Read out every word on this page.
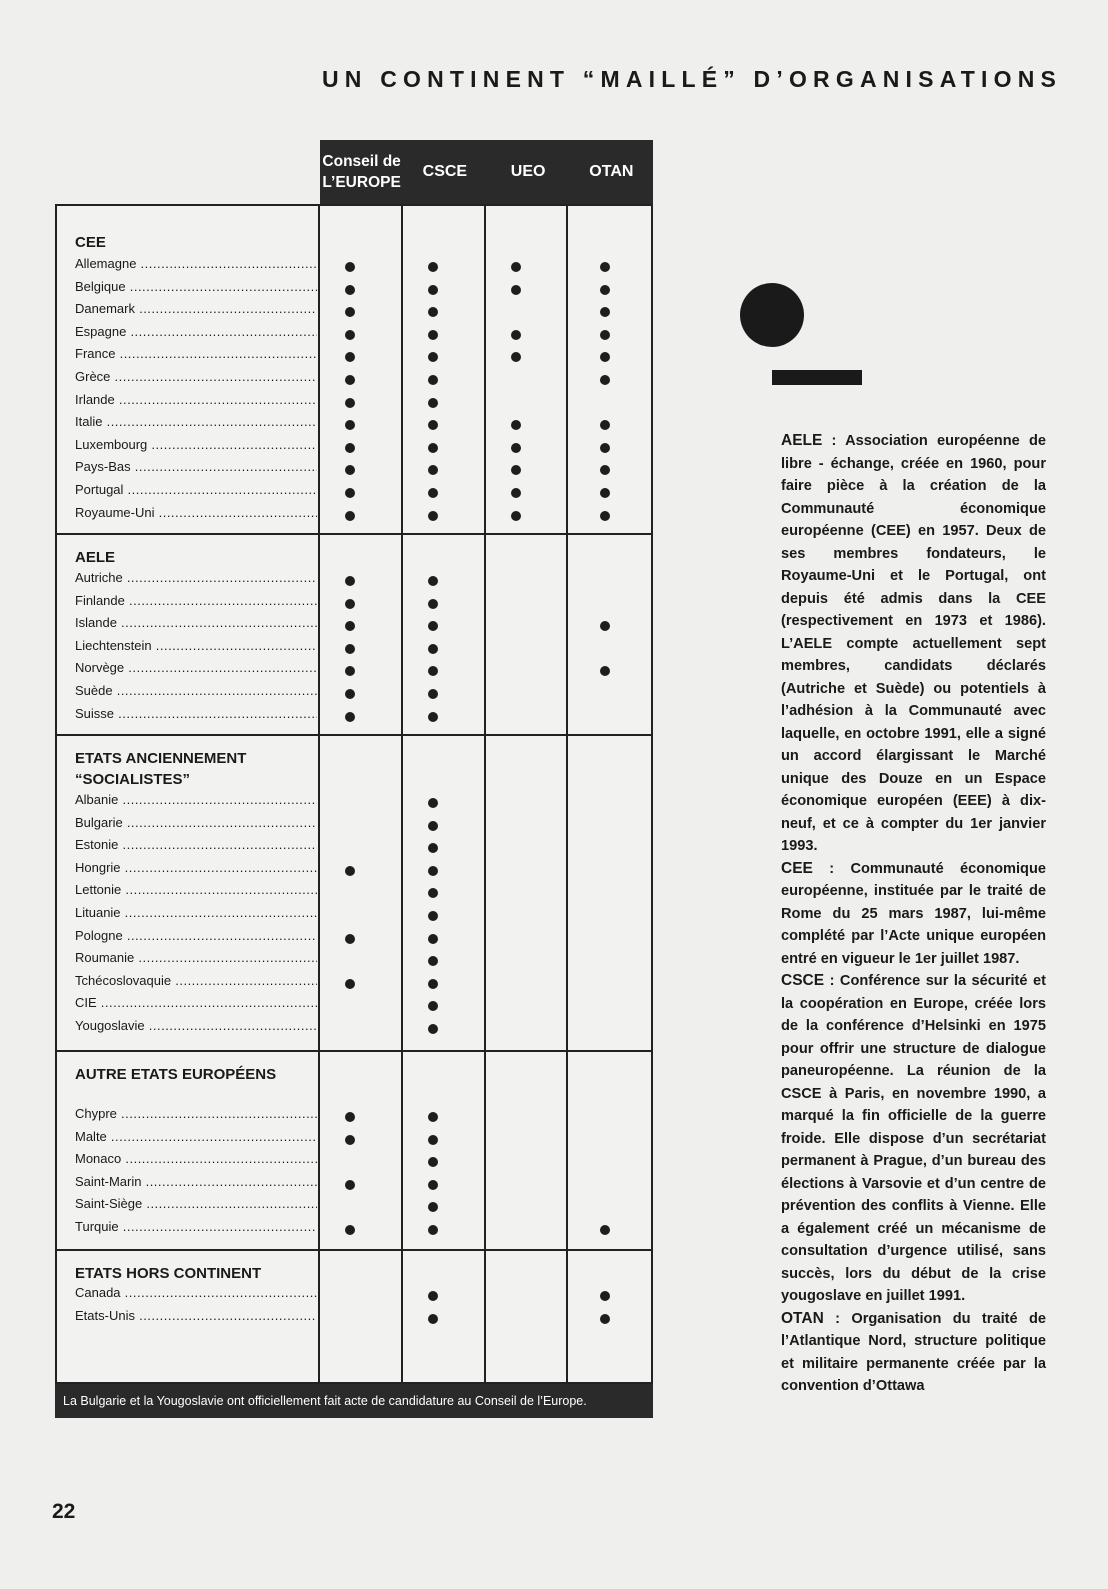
UN CONTINENT “MAILLÉ” D’ORGANISATIONS
Conseil de
L’EUROPE
CSCE	UEO	OTAN
CEE
Allemagne .....
Belgique .....
Danemark .....
Espagne .....
France .....
Grèce .....
Irlande .....
Italie .....
Luxembourg .....
Pays-Bas .....
Portugal .....
Royaume-Uni .....
AELE
Autriche .....
Finlande .....
Islande .....
Liechtenstein .....
Norvège .....
Suède .....
Suisse .....
ETATS ANCIENNEMENT “SOCIALISTES”
Albanie .....
Bulgarie .....
Estonie .....
Hongrie .....
Lettonie .....
Lituanie .....
Pologne .....
Roumanie .....
Tchécoslovaquie .....
CIE .....
Yougoslavie .....
AUTRE ETATS EUROPÉENS
Chypre .....
Malte .....
Monaco .....
Saint-Marin .....
Saint-Siège .....
Turquie .....
ETATS HORS CONTINENT
Canada .....
Etats-Unis .....
La Bulgarie et la Yougoslavie ont officiellement fait acte de candidature au Conseil de l’Europe.

AELE : Association européenne de libre - échange, créée en 1960, pour faire pièce à la création de la Communauté économique européenne (CEE) en 1957. Deux de ses membres fondateurs, le Royaume-Uni et le Portugal, ont depuis été admis dans la CEE (respectivement en 1973 et 1986). L’AELE compte actuellement sept membres, candidats déclarés (Autriche et Suède) ou potentiels à l’adhésion à la Communauté avec laquelle, en octobre 1991, elle a signé un accord élargissant le Marché unique des Douze en un Espace économique européen (EEE) à dix-neuf, et ce à compter du 1er janvier 1993.

CEE : Communauté économique européenne, instituée par le traité de Rome du 25 mars 1987, lui-même complété par l’Acte unique européen entré en vigueur le 1er juillet 1987.

CSCE : Conférence sur la sécurité et la coopération en Europe, créée lors de la conférence d’Helsinki en 1975 pour offrir une structure de dialogue paneuropéenne. La réunion de la CSCE à Paris, en novembre 1990, a marqué la fin officielle de la guerre froide. Elle dispose d’un secrétariat permanent à Prague, d’un bureau des élections à Varsovie et d’un centre de prévention des conflits à Vienne. Elle a également créé un mécanisme de consultation d’urgence utilisé, sans succès, lors du début de la crise yougoslave en juillet 1991.

OTAN : Organisation du traité de l’Atlantique Nord, structure politique et militaire permanente créée par la convention d’Ottawa

22
